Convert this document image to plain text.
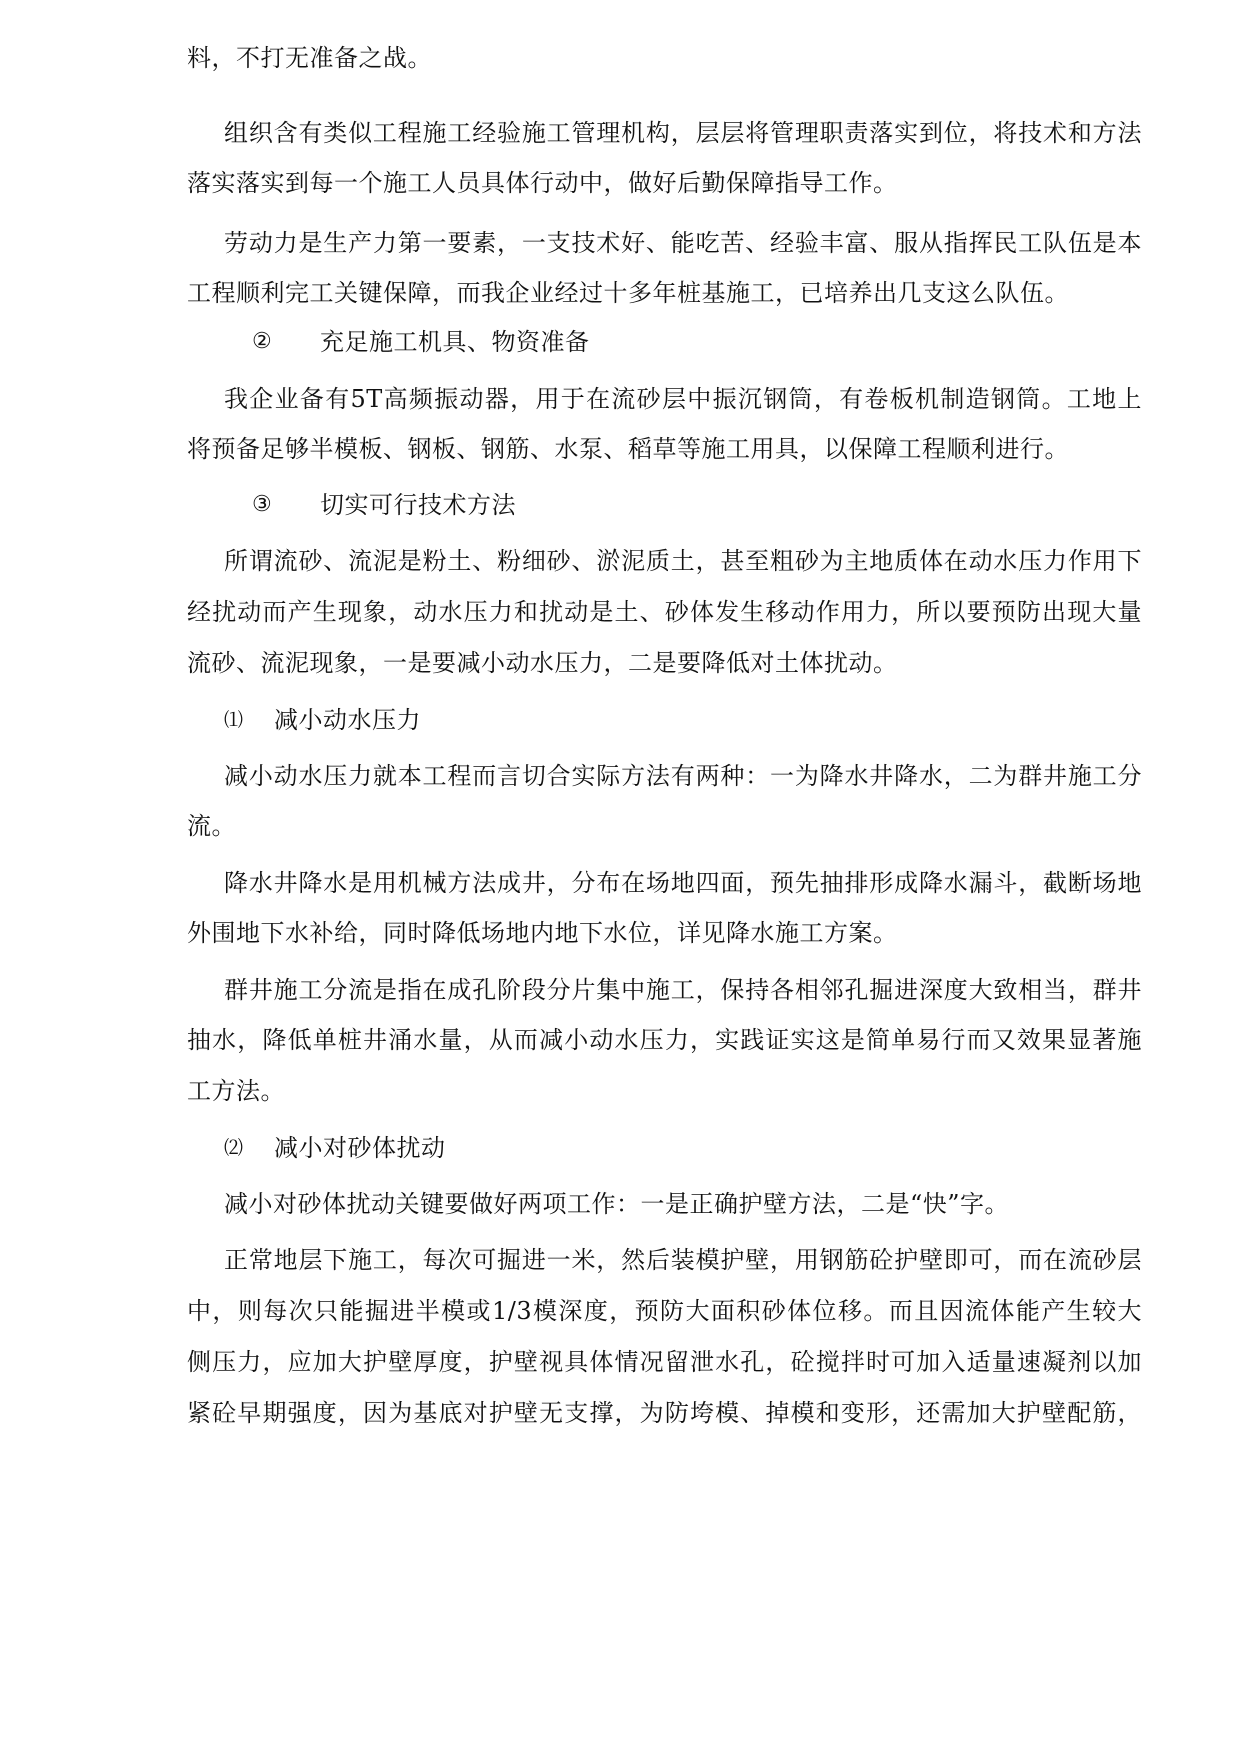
料，不打无准备之战。
组织含有类似工程施工经验施工管理机构，层层将管理职责落实到位，将技术和方法
落实落实到每一个施工人员具体行动中，做好后勤保障指导工作。
劳动力是生产力第一要素，一支技术好、能吃苦、经验丰富、服从指挥民工队伍是本
工程顺利完工关键保障，而我企业经过十多年桩基施工，已培养出几支这么队伍。
② 充足施工机具、物资准备
我企业备有5T高频振动器，用于在流砂层中振沉钢筒，有卷板机制造钢筒。工地上
将预备足够半模板、钢板、钢筋、水泵、稻草等施工用具，以保障工程顺利进行。
③ 切实可行技术方法
所谓流砂、流泥是粉土、粉细砂、淤泥质土，甚至粗砂为主地质体在动水压力作用下
经扰动而产生现象，动水压力和扰动是土、砂体发生移动作用力，所以要预防出现大量
流砂、流泥现象，一是要减小动水压力，二是要降低对土体扰动。
⑴ 减小动水压力
减小动水压力就本工程而言切合实际方法有两种：一为降水井降水，二为群井施工分
流。
降水井降水是用机械方法成井，分布在场地四面，预先抽排形成降水漏斗，截断场地
外围地下水补给，同时降低场地内地下水位，详见降水施工方案。
群井施工分流是指在成孔阶段分片集中施工，保持各相邻孔掘进深度大致相当，群井
抽水，降低单桩井涌水量，从而减小动水压力，实践证实这是简单易行而又效果显著施
工方法。
⑵ 减小对砂体扰动
减小对砂体扰动关键要做好两项工作：一是正确护壁方法，二是“快”字。
正常地层下施工，每次可掘进一米，然后装模护壁，用钢筋砼护壁即可，而在流砂层
中，则每次只能掘进半模或1/3模深度，预防大面积砂体位移。而且因流体能产生较大
侧压力，应加大护壁厚度，护壁视具体情况留泄水孔，砼搅拌时可加入适量速凝剂以加
紧砼早期强度，因为基底对护壁无支撑，为防垮模、掉模和变形，还需加大护壁配筋，
